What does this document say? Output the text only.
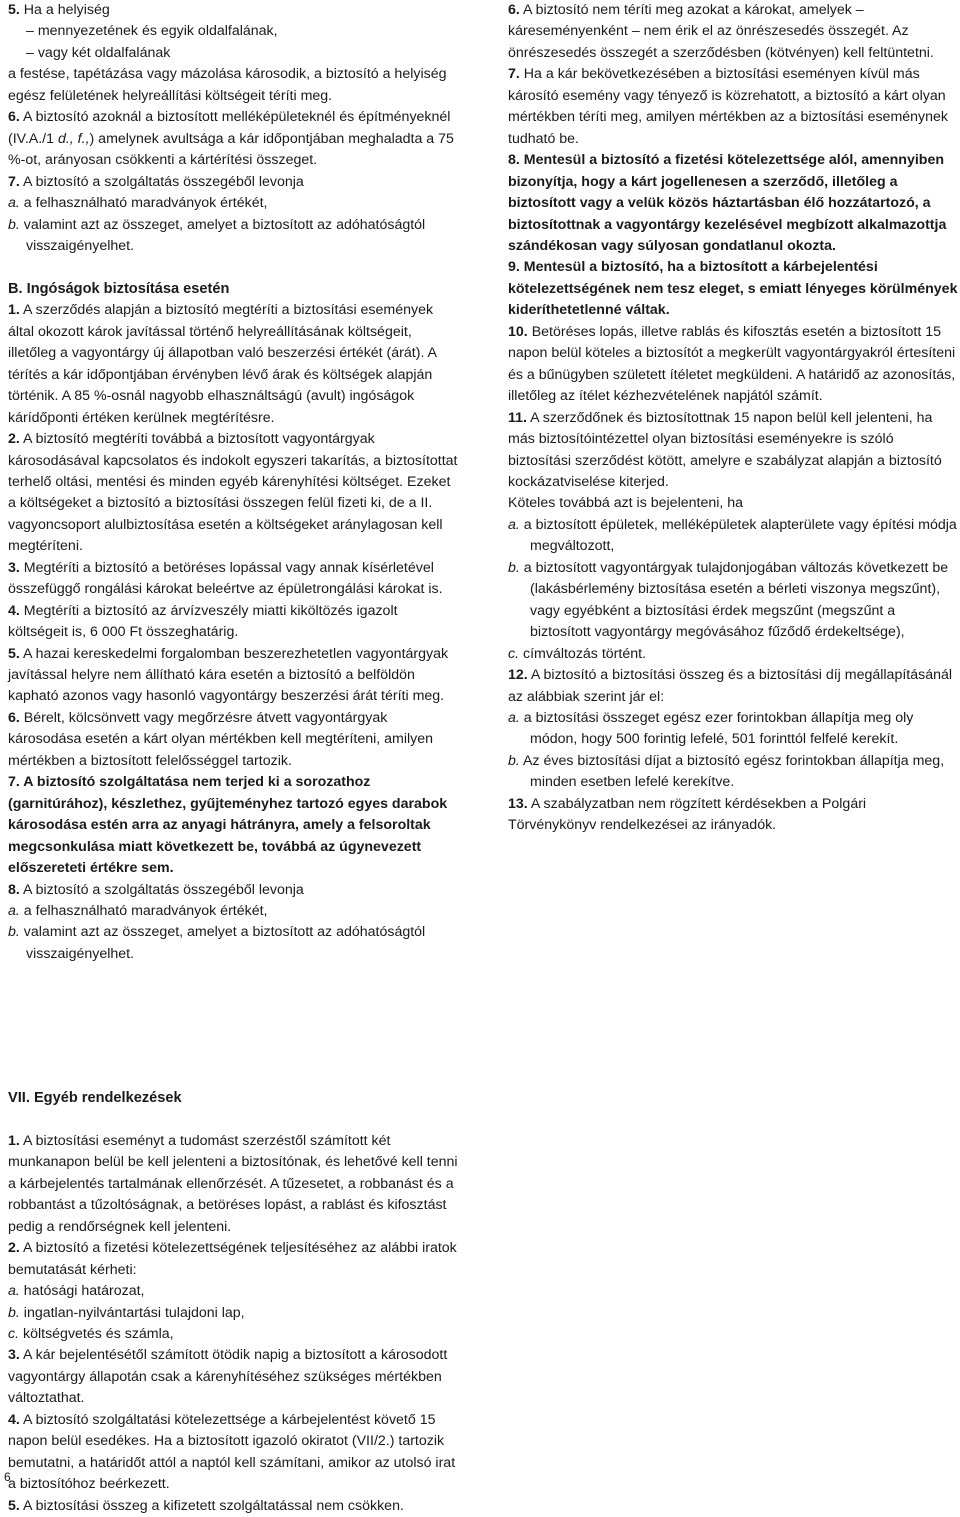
5. Ha a helyiség

– mennyezetének és egyik oldalfalának,

– vagy két oldalfalának

a festése, tapétázása vagy mázolása károsodik, a biztosító a helyiség egész felületének helyreállítási költségeit téríti meg.

6. A biztosító azoknál a biztosított melléképületeknél és építményeknél (IV.A./1 d., f.,) amelynek avultsága a kár időpontjában meghaladta a 75 %-ot, arányosan csökkenti a kártérítési összeget.

7. A biztosító a szolgáltatás összegéből levonja

a. a felhasználható maradványok értékét,

b. valamint azt az összeget, amelyet a biztosított az adóhatóságtól visszaigényelhet.

B. Ingóságok biztosítása esetén

1. A szerződés alapján a biztosító megtéríti a biztosítási események által okozott károk javítással történő helyreállításának költségeit, illetőleg a vagyontárgy új állapotban való beszerzési értékét (árát). A térítés a kár időpontjában érvényben lévő árak és költségek alapján történik. A 85 %-osnál nagyobb elhasználtságú (avult) ingóságok kárídőponti értéken kerülnek megtérítésre.

2. A biztosító megtéríti továbbá a biztosított vagyontárgyak károsodásával kapcsolatos és indokolt egyszeri takarítás, a biztosítottat terhelő oltási, mentési és minden egyéb kárenyhítési költséget. Ezeket a költségeket a biztosító a biztosítási összegen felül fizeti ki, de a II. vagyoncsoport alulbiztosítása esetén a költségeket aránylagosan kell megtéríteni.

3. Megtéríti a biztosító a betöréses lopással vagy annak kísérletével összefüggő rongálási károkat beleértve az épületrongálási károkat is.

4. Megtéríti a biztosító az árvízveszély miatti kiköltözés igazolt költségeit is, 6 000 Ft összeghatárig.

5. A hazai kereskedelmi forgalomban beszerezhetetlen vagyontárgyak javítással helyre nem állítható kára esetén a biztosító a belföldön kapható azonos vagy hasonló vagyontárgy beszerzési árát téríti meg.

6. Bérelt, kölcsönvett vagy megőrzésre átvett vagyontárgyak károsodása esetén a kárt olyan mértékben kell megtéríteni, amilyen mértékben a biztosított felelősséggel tartozik.

7. A biztosító szolgáltatása nem terjed ki a sorozathoz (garnitúrához), készlethez, gyűjteményhez tartozó egyes darabok károsodása estén arra az anyagi hátrányra, amely a felsoroltak megcsonkulása miatt következett be, továbbá az úgynevezett előszereteti értékre sem.

8. A biztosító a szolgáltatás összegéből levonja

a. a felhasználható maradványok értékét,

b. valamint azt az összeget, amelyet a biztosított az adóhatóságtól visszaigényelhet.

6. A biztosító nem téríti meg azokat a károkat, amelyek – káreseményenként – nem érik el az önrészesedés összegét. Az önrészesedés összegét a szerződésben (kötvényen) kell feltüntetni.

7. Ha a kár bekövetkezésében a biztosítási eseményen kívül más károsító esemény vagy tényező is közrehatott, a biztosító a kárt olyan mértékben téríti meg, amilyen mértékben az a biztosítási eseménynek tudható be.

8. Mentesül a biztosító a fizetési kötelezettsége alól, amennyiben bizonyítja, hogy a kárt jogellenesen a szerződő, illetőleg a biztosított vagy a velük közös háztartásban élő hozzátartozó, a biztosítottnak a vagyontárgy kezelésével megbízott alkalmazottja szándékosan vagy súlyosan gondatlanul okozta.

9. Mentesül a biztosító, ha a biztosított a kárbejelentési kötelezettségének nem tesz eleget, s emiatt lényeges körülmények kideríthetetlenné váltak.

10. Betöréses lopás, illetve rablás és kifosztás esetén a biztosított 15 napon belül köteles a biztosítót a megkerült vagyontárgyakról értesíteni és a bűnügyben született ítéletet megküldeni. A határidő az azonosítás, illetőleg az ítélet kézhezvételének napjától számít.

11. A szerződőnek és biztosítottnak 15 napon belül kell jelenteni, ha más biztosítóintézettel olyan biztosítási eseményekre is szóló biztosítási szerződést kötött, amelyre e szabályzat alapján a biztosító kockázatviselése kiterjed.

Köteles továbbá azt is bejelenteni, ha

a. a biztosított épületek, melléképületek alapterülete vagy építési módja megváltozott,

b. a biztosított vagyontárgyak tulajdonjogában változás következett be (lakásbérlemény biztosítása esetén a bérleti viszonya megszűnt), vagy egyébként a biztosítási érdek megszűnt (megszűnt a biztosított vagyontárgy megóvásához fűződő érdekeltsége),

c. címváltozás történt.

12. A biztosító a biztosítási összeg és a biztosítási díj megállapításánál az alábbiak szerint jár el:

a. a biztosítási összeget egész ezer forintokban állapítja meg oly módon, hogy 500 forintig lefelé, 501 forinttól felfelé kerekít.

b. Az éves biztosítási díjat a biztosító egész forintokban állapítja meg, minden esetben lefelé kerekítve.

13. A szabályzatban nem rögzített kérdésekben a Polgári Törvénykönyv rendelkezései az irányadók.

VII. Egyéb rendelkezések

1. A biztosítási eseményt a tudomást szerzéstől számított két munkanapon belül be kell jelenteni a biztosítónak, és lehetővé kell tenni a kárbejelentés tartalmának ellenőrzését. A tűzesetet, a robbanást és a robbantást a tűzoltóságnak, a betöréses lopást, a rablást és kifosztást pedig a rendőrségnek kell jelenteni.

2. A biztosító a fizetési kötelezettségének teljesítéséhez az alábbi iratok bemutatását kérheti:

a. hatósági határozat,

b. ingatlan-nyilvántartási tulajdoni lap,

c. költségvetés és számla,

3. A kár bejelentésétől számított ötödik napig a biztosított a károsodott vagyontárgy állapotán csak a kárenyhítéséhez szükséges mértékben változtathat.

4. A biztosító szolgáltatási kötelezettsége a kárbejelentést követő 15 napon belül esedékes. Ha a biztosított igazoló okiratot (VII/2.) tartozik bemutatni, a határidőt attól a naptól kell számítani, amikor az utolsó irat a biztosítóhoz beérkezett.

5. A biztosítási összeg a kifizetett szolgáltatással nem csökken.

6
